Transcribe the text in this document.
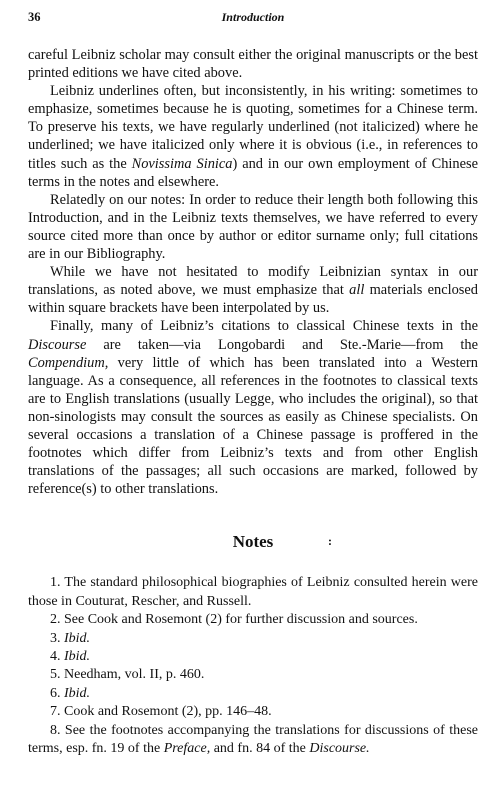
36	Introduction

careful Leibniz scholar may consult either the original manuscripts or the best printed editions we have cited above.

Leibniz underlines often, but inconsistently, in his writing: sometimes to emphasize, sometimes because he is quoting, sometimes for a Chinese term. To preserve his texts, we have regularly underlined (not italicized) where he underlined; we have italicized only where it is obvious (i.e., in references to titles such as the Novissima Sinica) and in our own employment of Chinese terms in the notes and elsewhere.

Relatedly on our notes: In order to reduce their length both following this Introduction, and in the Leibniz texts themselves, we have referred to every source cited more than once by author or editor surname only; full citations are in our Bibliography.

While we have not hesitated to modify Leibnizian syntax in our translations, as noted above, we must emphasize that all materials enclosed within square brackets have been interpolated by us.

Finally, many of Leibniz’s citations to classical Chinese texts in the Discourse are taken—via Longobardi and Ste.-Marie—from the Compendium, very little of which has been translated into a Western language. As a consequence, all references in the footnotes to classical texts are to English translations (usually Legge, who includes the original), so that non-sinologists may consult the sources as easily as Chinese specialists. On several occasions a translation of a Chinese passage is proffered in the footnotes which differ from Leibniz’s texts and from other English translations of the passages; all such occasions are marked, followed by reference(s) to other translations.

Notes	:

1. The standard philosophical biographies of Leibniz consulted herein were those in Couturat, Rescher, and Russell.

2. See Cook and Rosemont (2) for further discussion and sources.

3. Ibid.

4. Ibid.

5. Needham, vol. II, p. 460.

6. Ibid.

7. Cook and Rosemont (2), pp. 146–48.

8. See the footnotes accompanying the translations for discussions of these terms, esp. fn. 19 of the Preface, and fn. 84 of the Discourse.
